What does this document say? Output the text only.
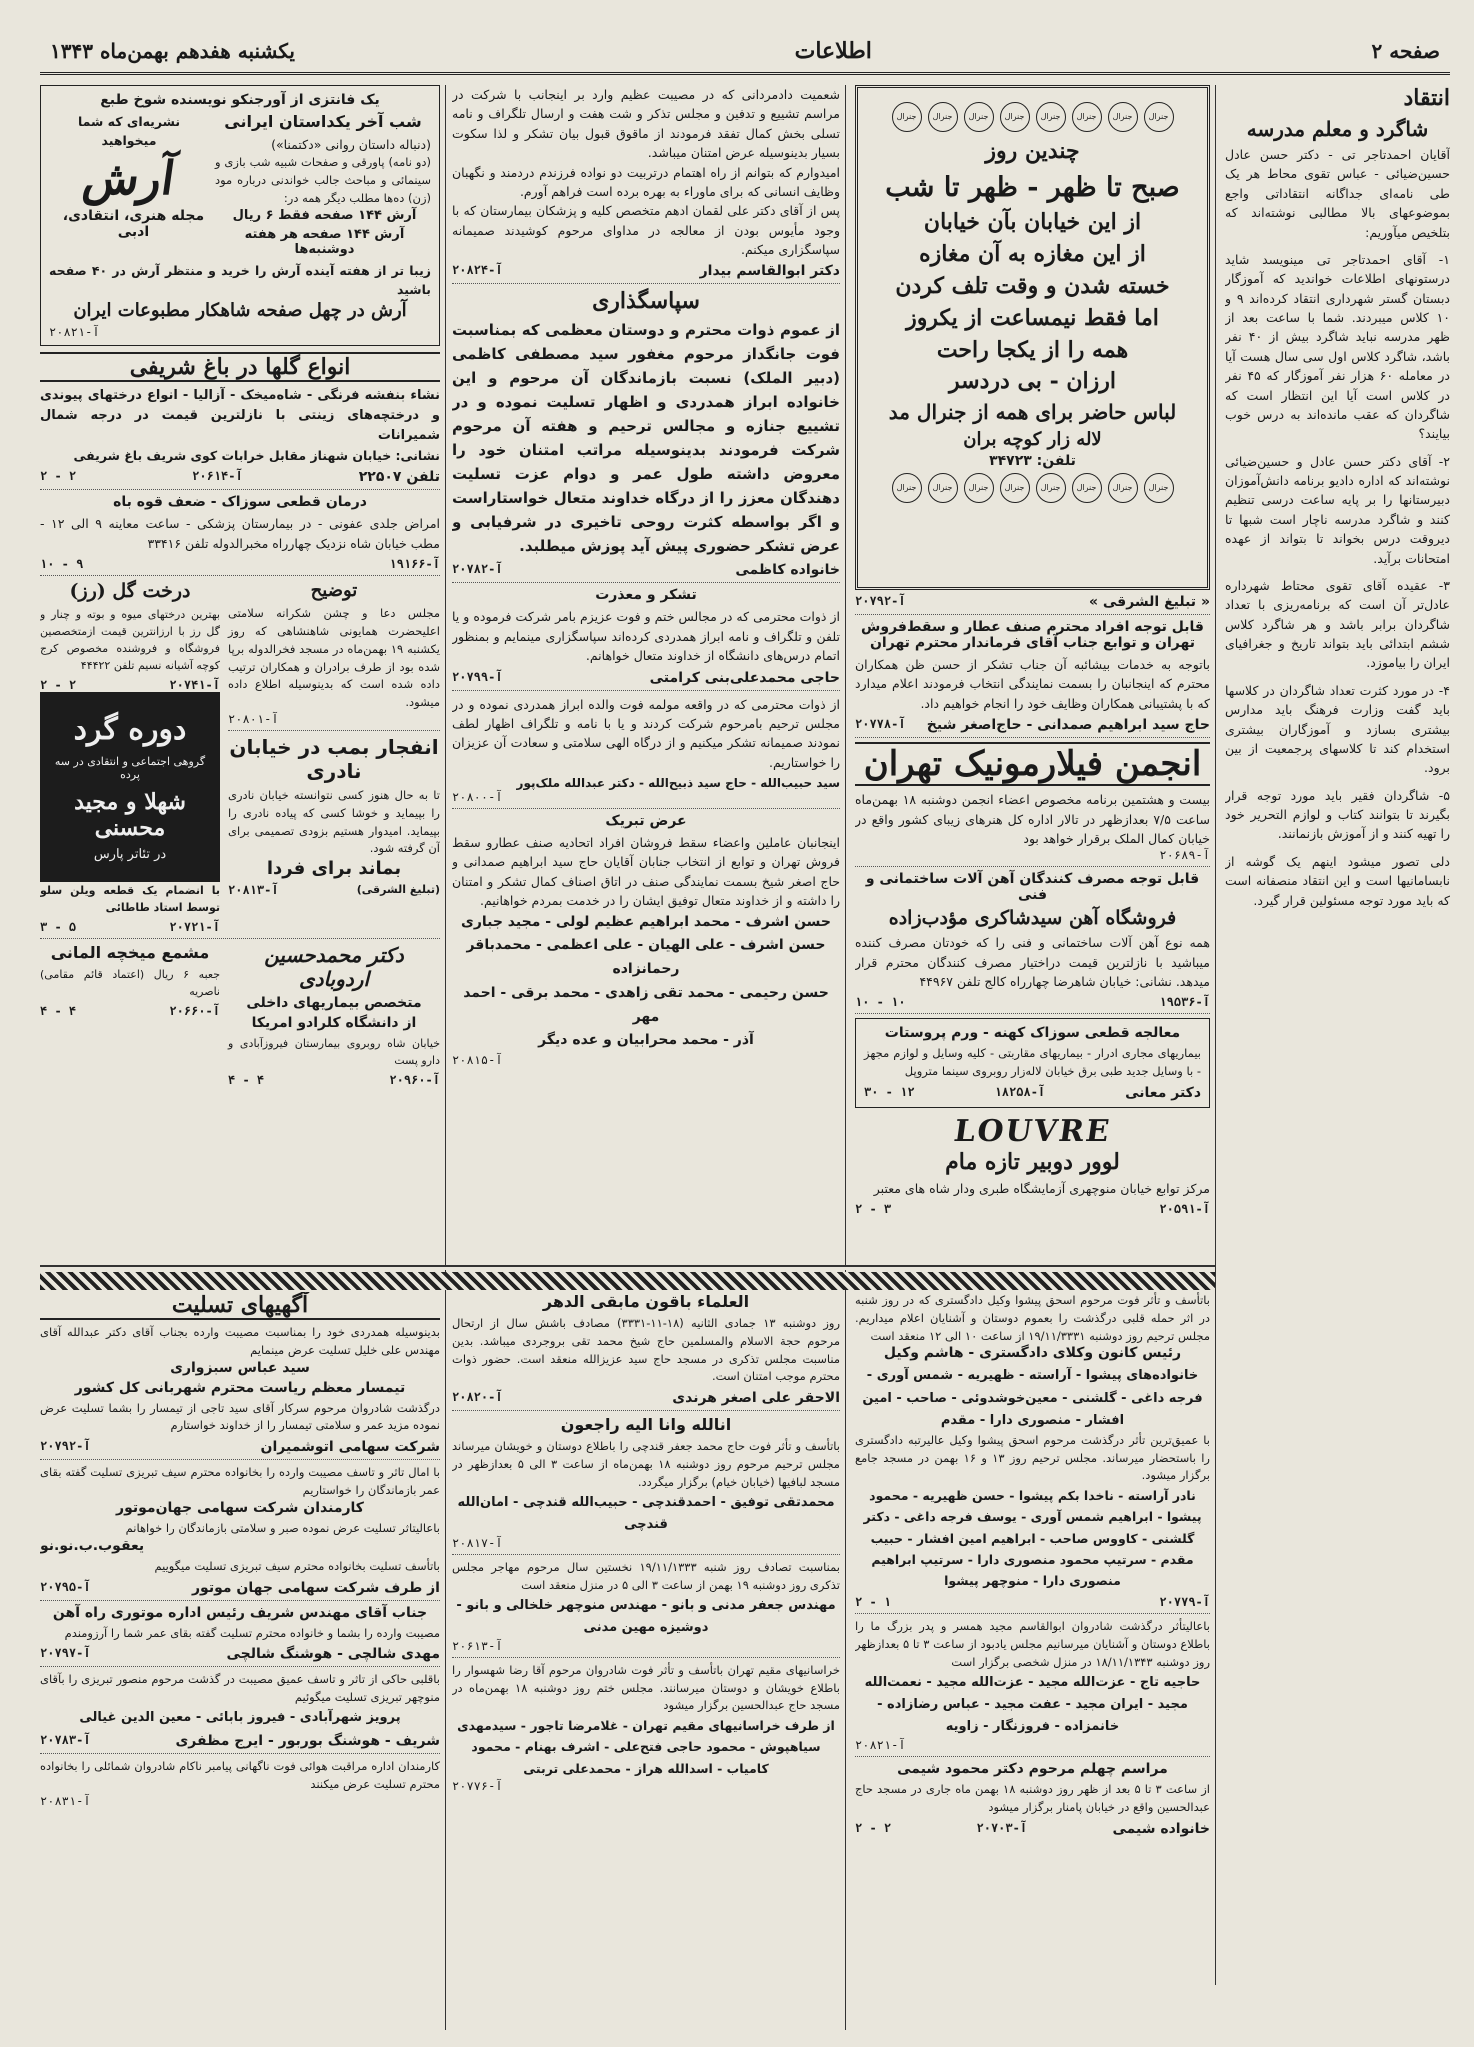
صفحه ۲
اطلاعات
یکشنبه هفدهم بهمن‌ماه ۱۳۴۳
انتقاد
شاگرد و معلم مدرسه

آقایان احمدتاجر تی - دکتر حسن عادل حسین‌ضیائی - عباس تقوی محاط هر یک طی نامه‌ای جداگانه انتقاداتی واجع بموضوعهای بالا مطالبی نوشته‌اند که ‌بتلخیص میآوریم:

۱- آقای احمدتاجر تی مینویسد شاید درستونهای اطلاعات خواندید که آموزگار دبستان گستر شهرداری انتقاد کرده‌اند ۹ و ۱۰ کلاس میبردند. شما با ساعت بعد از ظهر مدرسه نباید شاگرد بیش از ۴۰ نفر باشد، شاگرد کلاس اول سی سال هست آیا در معامله ۶۰ هزار نفر آموزگار که ۴۵ نفر در کلاس است آیا این انتظار است که شاگردان که عقب مانده‌اند به درس خوب بیایند؟

۲- آقای دکتر حسن عادل و حسین‌ضیائی نوشته‌اند که اداره دادیو برنامه دانش‌آموزان دبیرستانها را بر پایه ساعت درسی تنظیم کنند و شاگرد مدرسه ناچار است شبها تا دیروقت درس بخواند تا بتواند از عهده امتحانات برآید.

۳- عقیده آقای تقوی محتاط شهرداره عادل‌تر آن است که برنامه‌ریزی با تعداد شاگردان برابر باشد و هر شاگرد کلاس ششم ابتدائی باید بتواند تاریخ و جغرافیای ایران را بیاموزد.

۴- در مورد کثرت تعداد شاگردان در کلاسها باید گفت وزارت فرهنگ باید مدارس بیشتری بسازد و آموزگاران بیشتری استخدام کند تا کلاسهای پرجمعیت از بین برود.

۵- شاگردان فقیر باید مورد توجه قرار بگیرند تا بتوانند کتاب و لوازم التحریر خود را تهیه کنند و از آموزش بازنمانند.

دلی تصور میشود اینهم یک گوشه از نابسامانیها است و این انتقاد منصفانه است که باید مورد توجه مسئولین قرار گیرد.

جنرال
جنرال
جنرال
جنرال
جنرال
جنرال
جنرال
جنرال
چندین روز
صبح تا ظهر - ظهر تا شب
از این خیابان بآن خیابان
از این مغازه به آن مغازه
خسته شدن و وقت تلف کردن
اما فقط نیمساعت از یکروز
همه را از یکجا راحت
ارزان - بی دردسر
لباس حاضر برای همه از جنرال مد
لاله زار کوچه بران
تلفن: ۳۴۷۲۳
جنرال
جنرال
جنرال
جنرال
جنرال
جنرال
جنرال
جنرال
« تبلیغ الشرقی »
آ-۲۰۷۹۲
قابل توجه افراد محترم صنف عطار و سقط‌فروش تهران و توابع جناب آقای فرماندار محترم تهران

باتوجه به خدمات بیشائبه آن جناب تشکر از حسن ظن همکاران محترم که اینجانبان را بسمت نمایندگی انتخاب فرمودند اعلام میدارد که با پشتیبانی همکاران وظایف خود را انجام خواهیم داد.

حاج سید ابراهیم صمدانی - حاج‌اصغر شیخ
آ-۲۰۷۷۸
انجمن فیلارمونیک تهران

بیست و هشتمین برنامه مخصوص اعضاء انجمن دوشنبه ۱۸ بهمن‌ماه ساعت ۷/۵ بعدازظهر در تالار اداره کل هنرهای زیبای کشور واقع در خیابان کمال الملک برقرار خواهد بود

آ-۲۰۶۸۹
قابل توجه مصرف کنندگان آهن آلات ساختمانی و فنی
فروشگاه آهن سیدشاکری مؤدب‌زاده

همه نوع آهن آلات ساختمانی و فنی را که خودتان مصرف کننده میباشید با نازلترین قیمت دراختیار مصرف کنندگان محترم قرار میدهد. نشانی: خیابان شاهرضا چهارراه کالج تلفن ۴۴۹۶۷

آ-۱۹۵۳۶
۱۰ - ۱۰
معالجه قطعی سوزاک کهنه - ورم پروستات

بیماریهای مجاری ادرار - بیماریهای مقاربتی - کلیه وسایل و لوازم مجهز - با وسایل جدید طبی برق خیابان لاله‌زار روبروی سینما متروپل

دکتر معانی
آ-۱۸۲۵۸
۳۰ - ۱۲
LOUVRE
لوور دوبیر تازه مام

مرکز توابع خیابان منوچهری آزمایشگاه طبری ودار شاه های معتبر

آ-۲۰۵۹۱
۲ - ۳

شعمیت دادمردانی که در مصیبت عظیم وارد بر اینجانب با شرکت در مراسم تشییع و تدفین و مجلس تذکر و شت هفت و ارسال تلگراف و نامه تسلی بخش کمال تفقد فرمودند از ماقوق قبول بیان تشکر و لذا سکوت بسیار بدینوسیله عرض امتنان میباشد.

امیدوارم که بتوانم از راه اهتمام درتربیت دو نواده فرزندم دردمند و نگهبان وظایف انسانی که برای ماوراء به بهره برده است فراهم آورم.

پس از آقای دکتر علی لقمان ادهم متخصص کلیه و پزشکان بیمارستان که با وجود مأیوس بودن از معالجه در مداوای مرحوم کوشیدند صمیمانه سپاسگزاری میکنم.

دکتر ابوالقاسم بیدار
آ-۲۰۸۲۴
سپاسگذاری

از عموم ذوات محترم و دوستان معظمی که بمناسبت فوت جانگداز مرحوم مغفور سید مصطفی کاظمی (دبیر الملک) نسبت بازماندگان آن مرحوم و این خانواده ابراز همدردی و اظهار تسلیت نموده و در تشییع جنازه و مجالس ترحیم و هفته آن مرحوم شرکت فرمودند بدینوسیله مراتب امتنان خود را معروض داشته طول عمر و دوام عزت تسلیت دهندگان معزز را از درگاه خداوند متعال خواستاراست و اگر بواسطه کثرت روحی تاخیری در شرفیابی و عرض تشکر حضوری پیش آید پوزش میطلبد.

خانواده کاظمی
آ-۲۰۷۸۲
تشکر و معذرت

از ذوات محترمی که در مجالس ختم و فوت عزیزم بامر شرکت فرموده و یا تلفن و تلگراف و نامه ابراز همدردی کرده‌اند سپاسگزاری مینمایم و بمنظور اتمام درس‌های دانشگاه از خداوند متعال خواهانم.

حاجی محمدعلی‌بنی کرامتی
آ-۲۰۷۹۹

از ذوات محترمی که در واقعه مولمه فوت والده ابراز همدردی نموده و در مجلس ترحیم بامرحوم شرکت کردند و یا با نامه و تلگراف اظهار لطف نمودند صمیمانه تشکر میکنیم و از درگاه الهی سلامتی و سعادت آن عزیزان را خواستاریم.

سید حبیب‌الله - حاج سید ذبیح‌الله - دکتر عبدالله ملک‌پور
آ-۲۰۸۰۰
عرض تبریک

اینجانبان عاملین واعضاء سقط فروشان افراد اتحادیه صنف عطارو سقط فروش تهران و توابع از انتخاب جنابان آقایان حاج سید ابراهیم صمدانی و حاج اصغر شیخ بسمت نمایندگی صنف در اتاق اصناف کمال تشکر و امتنان را داشته و از خداوند متعال توفیق ایشان را در خدمت بمردم خواهانیم.

حسن اشرف - محمد ابراهیم عظیم لولی - مجید جباری
حسن اشرف - علی الهیان - علی اعظمی - محمدباقر رحمانزاده
حسن رحیمی - محمد تقی زاهدی - محمد برقی - احمد مهر
آذر - محمد محرابیان و عده دیگر
آ-۲۰۸۱۵
یک فانتزی از آورجنکو نویسنده شوخ طبع
شب آخر یکداستان ایرانی
(دنباله داستان روانی «دکتمنا»)

(دو نامه) پاورقی و صفحات شبیه شب بازی و سینمائی و مباحث جالب خواندنی درباره مود (زن) ده‌ها مطلب دیگر همه در:

نشریه‌ای که شما میخواهید
آرش
آرش ۱۴۴ صفحه فقط ۶ ریال
آرش ۱۴۴ صفحه هر هفته دوشنبه‌ها
مجله هنری، انتقادی، ادبی
زیبا تر از هفته آینده آرش را خرید و منتظر آرش در ۴۰ صفحه باشید
آرش در چهل صفحه شاهکار مطبوعات ایران
آ-۲۰۸۲۱
انواع گلها در باغ شریفی

نشاء بنفشه فرنگی - شاه‌میخک - آزالیا - انواع درختهای پیوندی و درختچه‌های زینتی با نازلترین قیمت در درجه شمال شمیرانات

نشانی: خیابان شهناز مقابل خرابات کوی شریف باغ شریفی
تلفن ۲۲۵۰۷
آ-۲۰۶۱۴
۲ - ۲
درمان قطعی سوزاک - ضعف قوه باه

امراض جلدی عفونی - در بیمارستان پزشکی - ساعت معاینه ۹ الی ۱۲ - مطب خیابان شاه نزدیک چهارراه مخبرالدوله تلفن ۳۳۴۱۶

آ-۱۹۱۶۶
۱۰ - ۹
توضیح

مجلس دعا و چشن شکرانه سلامتی اعلیحضرت همایونی شاهنشاهی که روز یکشنبه ۱۹ بهمن‌ماه در مسجد فخرالدوله برپا شده بود از طرف برادران و همکاران ترتیب داده شده است که بدینوسیله اطلاع داده میشود.

آ-۲۰۸۰۱
انفجار بمب در خیابان نادری

تا به حال هنوز کسی نتوانسته خیابان نادری را بپیماید و خوشا کسی که پیاده نادری را بپیماید. امیدوار هستیم بزودی تصمیمی برای آن گرفته شود.

بماند برای فردا
(تبلیغ الشرقی)
آ-۲۰۸۱۳
درخت گل (رز)

بهترین درختهای میوه و بوته و چنار و گل رز با ارزانترین قیمت ازمتخصصین فروشگاه و فروشنده مخصوص کرج کوچه آشیانه نسیم تلفن ۴۴۴۲۲

آ-۲۰۷۴۱
۲ - ۲
دوره گرد
گروهی اجتماعی و انتقادی در سه پرده
شهلا و مجید محسنی
در تئاتر پارس

با انضمام یک قطعه ویلن سلو توسط استاد طاطائی

آ-۲۰۷۲۱
۳ - ۵
دکتر محمدحسین اردوبادی
متخصص بیماریهای داخلی
از دانشگاه کلرادو امریکا

خیابان شاه روبروی بیمارستان فیروزآبادی و دارو پست

آ-۲۰۹۶۰
۴ - ۴
مشمع میخچه المانی
جعبه ۶ ریال (اعتماد قائم مقامی) ناصریه
آ-۲۰۶۶۰
۴ - ۴

باتأسف و تأثر فوت مرحوم اسحق پیشوا وکیل دادگستری که در روز شنبه در اثر حمله قلبی درگذشت را بعموم دوستان و آشنایان اعلام میداریم. مجلس ترحیم روز دوشنبه ۱۹/۱۱/۳۳۳۱ از ساعت ۱۰ الی ۱۲ منعقد است

رئیس کانون وکلای دادگستری - هاشم وکیل
خانواده‌های پیشوا - آراسته - ظهیریه - شمس آوری - فرجه داغی - گلشنی - معین‌خوشدوئی - صاحب - امین افشار - منصوری دارا - مقدم

با عمیق‌ترین تأثر درگذشت مرحوم اسحق پیشوا وکیل عالیرتبه دادگستری را باستحضار میرساند. مجلس ترحیم روز ۱۳ و ۱۶ بهمن در مسجد جامع برگزار میشود.

نادر آراسته - ناخدا بکم پیشوا - حسن ظهیریه - محمود پیشوا - ابراهیم شمس آوری - یوسف فرجه داغی - دکتر گلشنی - کاووس صاحب - ابراهیم امین افشار - حبیب مقدم - سرتیپ محمود منصوری دارا - سرتیپ ابراهیم منصوری دارا - منوچهر پیشوا
آ-۲۰۷۷۹
۲ - ۱

باعالیتأثر درگذشت شادروان ابوالقاسم مجید همسر و پدر بزرگ ما را باطلاع دوستان و آشنایان میرسانیم مجلس یادبود از ساعت ۳ تا ۵ بعدازظهر روز دوشنبه ۱۸/۱۱/۱۳۴۳ در منزل شخصی برگزار است

حاجیه تاج - عزت‌الله مجید - عزت‌الله مجید - نعمت‌الله مجید - ایران مجید - عفت مجید - عباس رضازاده - خانمزاده - فروزنگار - زاویه
آ-۲۰۸۲۱
مراسم چهلم مرحوم دکتر محمود شیمی

از ساعت ۳ تا ۵ بعد از ظهر روز دوشنبه ۱۸ بهمن ماه جاری در مسجد حاج عبدالحسین واقع در خیابان پامنار برگزار میشود

خانواده شیمی
آ-۲۰۷۰۳
۲ - ۲
العلماء باقون مابقی الدهر

روز دوشنبه ۱۳ جمادی الثانیه (۱۸-۱۱-۳۳۳۱) مصادف باشش سال از ارتحال مرحوم حجة الاسلام والمسلمین حاج شیخ محمد تقی بروجردی میباشد. بدین مناسبت مجلس تذکری در مسجد حاج سید عزیزالله منعقد است. حضور ذوات محترم موجب امتنان است.

الاحقر علی اصغر هرندی
آ-۲۰۸۲۰
انالله وانا الیه راجعون

باتأسف و تأثر فوت حاج محمد جعفر قندچی را باطلاع دوستان و خویشان میرساند مجلس ترحیم مرحوم روز دوشنبه ۱۸ بهمن‌ماه از ساعت ۳ الی ۵ بعدازظهر در مسجد لبافیها (خیابان خیام) برگزار میگردد.

محمدتقی توفیق - احمدقندچی - حبیب‌الله قندچی - امان‌الله قندچی
آ-۲۰۸۱۷

بمناسبت تصادف روز شنبه ۱۹/۱۱/۱۳۳۳ نخستین سال مرحوم مهاجر مجلس تذکری روز دوشنبه ۱۹ بهمن از ساعت ۳ الی ۵ در منزل منعقد است

مهندس جعفر مدنی و بانو - مهندس منوچهر خلخالی و بانو - دوشیزه مهین مدنی
آ-۲۰۶۱۳

خراسانیهای مقیم تهران باتأسف و تأثر فوت شادروان مرحوم آقا رضا شهسوار را باطلاع خویشان و دوستان میرسانند. مجلس ختم روز دوشنبه ۱۸ بهمن‌ماه در مسجد حاج عبدالحسین برگزار میشود

از طرف خراسانیهای مقیم تهران - غلامرضا تاجور - سیدمهدی سیاهپوش - محمود حاجی فتح‌علی - اشرف بهنام - محمود کامیاب - اسدالله هراز - محمدعلی تربتی
آ-۲۰۷۷۶
آگهیهای تسلیت

بدینوسیله همدردی خود را بمناسبت مصیبت وارده بجناب آقای دکتر عبدالله آقای مهندس علی خلیل تسلیت عرض مینمایم

سید عباس سبزواری
تیمسار معظم ریاست محترم شهربانی کل کشور

درگذشت شادروان مرحوم سرکار آقای سید تاجی از تیمسار را بشما تسلیت عرض نموده مزید عمر و سلامتی تیمسار را از خداوند خواستارم

شرکت سهامی اتوشمیران
آ-۲۰۷۹۲

با امال تاثر و تاسف مصیبت وارده را بخانواده محترم سیف تبریزی تسلیت گفته بقای عمر بازماندگان را خواستاریم

کارمندان شرکت سهامی جهان‌موتور

باعالیتاثر تسلیت عرض نموده صبر و سلامتی بازماندگان را خواهانم

یعقوب.ب.نو.نو

باتأسف تسلیت بخانواده محترم سیف تبریزی تسلیت میگوییم

از طرف شرکت سهامی جهان موتور
آ-۲۰۷۹۵
جناب آقای مهندس شریف رئیس اداره موتوری راه آهن

مصیبت وارده را بشما و خانواده محترم تسلیت گفته بقای عمر شما را آرزومندم

مهدی شالچی - هوشنگ شالچی
آ-۲۰۷۹۷

باقلبی حاکی از تاثر و تاسف عمیق مصیبت در گذشت مرحوم منصور تبریزی را بآقای منوچهر تبریزی تسلیت میگوئیم

پرویز شهرآبادی - فیروز بابائی - معین الدین غیالی
شریف - هوشنگ بوربور - ایرج مظفری
آ-۲۰۷۸۳

کارمندان اداره مراقبت هوائی فوت ناگهانی پیامبر ناکام شادروان شمائلی را بخانواده محترم تسلیت عرض میکنند

آ-۲۰۸۳۱
